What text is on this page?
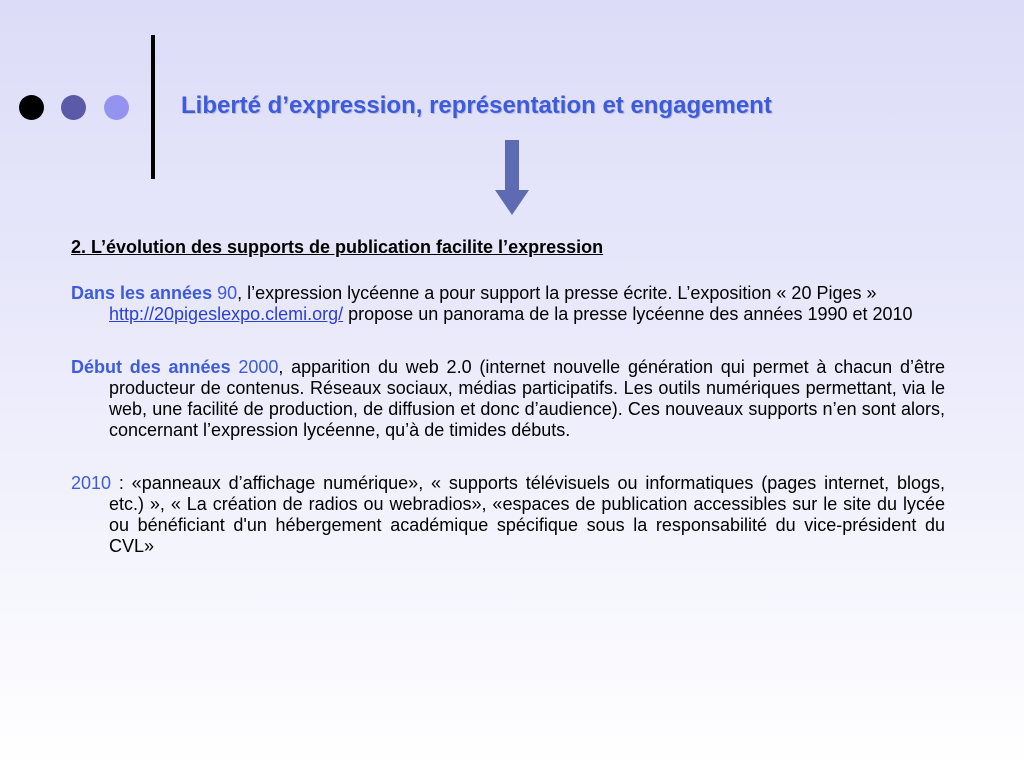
Liberté d’expression, représentation et engagement

2. L’évolution des supports de publication facilite l’expression

Dans les années 90, l’expression lycéenne a pour support la presse écrite. L’exposition « 20 Piges » http://20pigeslexpo.clemi.org/ propose un panorama de la presse lycéenne des années 1990 et 2010

Début des années 2000, apparition du web 2.0 (internet nouvelle génération qui permet à chacun d’être producteur de contenus. Réseaux sociaux, médias participatifs. Les outils numériques permettant, via le web, une facilité de production, de diffusion et donc d’audience). Ces nouveaux supports n’en sont alors, concernant l’expression lycéenne, qu’à de timides débuts.

2010 : «panneaux d’affichage numérique», « supports télévisuels ou informatiques (pages internet, blogs, etc.) », « La création de radios ou webradios», «espaces de publication accessibles sur le site du lycée ou bénéficiant d'un hébergement académique spécifique sous la responsabilité du vice-président du CVL»
